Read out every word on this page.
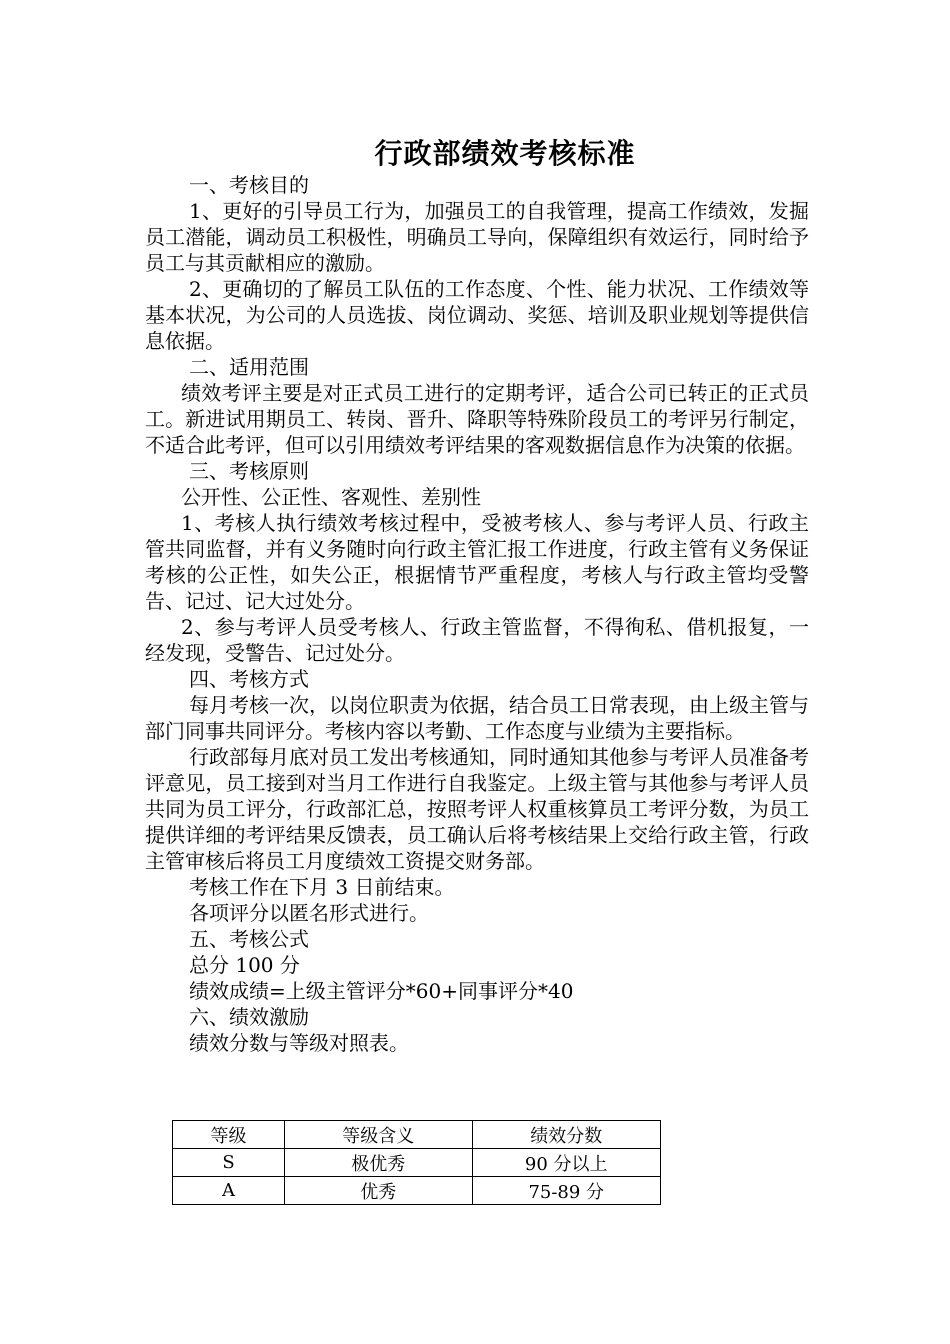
行政部绩效考核标准

一、考核目的

1、更好的引导员工行为，加强员工的自我管理，提高工作绩效，发掘员工潜能，调动员工积极性，明确员工导向，保障组织有效运行，同时给予员工与其贡献相应的激励。

2、更确切的了解员工队伍的工作态度、个性、能力状况、工作绩效等基本状况，为公司的人员选拔、岗位调动、奖惩、培训及职业规划等提供信息依据。

二、适用范围

绩效考评主要是对正式员工进行的定期考评，适合公司已转正的正式员工。新进试用期员工、转岗、晋升、降职等特殊阶段员工的考评另行制定，不适合此考评，但可以引用绩效考评结果的客观数据信息作为决策的依据。

三、考核原则

公开性、公正性、客观性、差别性

1、考核人执行绩效考核过程中，受被考核人、参与考评人员、行政主管共同监督，并有义务随时向行政主管汇报工作进度，行政主管有义务保证考核的公正性，如失公正，根据情节严重程度，考核人与行政主管均受警告、记过、记大过处分。

2、参与考评人员受考核人、行政主管监督，不得徇私、借机报复，一经发现，受警告、记过处分。

四、考核方式

每月考核一次，以岗位职责为依据，结合员工日常表现，由上级主管与部门同事共同评分。考核内容以考勤、工作态度与业绩为主要指标。

行政部每月底对员工发出考核通知，同时通知其他参与考评人员准备考评意见，员工接到对当月工作进行自我鉴定。上级主管与其他参与考评人员共同为员工评分，行政部汇总，按照考评人权重核算员工考评分数，为员工提供详细的考评结果反馈表，员工确认后将考核结果上交给行政主管，行政主管审核后将员工月度绩效工资提交财务部。

考核工作在下月 3 日前结束。

各项评分以匿名形式进行。

五、考核公式

总分 100 分

绩效成绩=上级主管评分*60+同事评分*40

六、绩效激励

绩效分数与等级对照表。

等级	等级含义	绩效分数
S	极优秀	90 分以上
A	优秀	75-89 分
